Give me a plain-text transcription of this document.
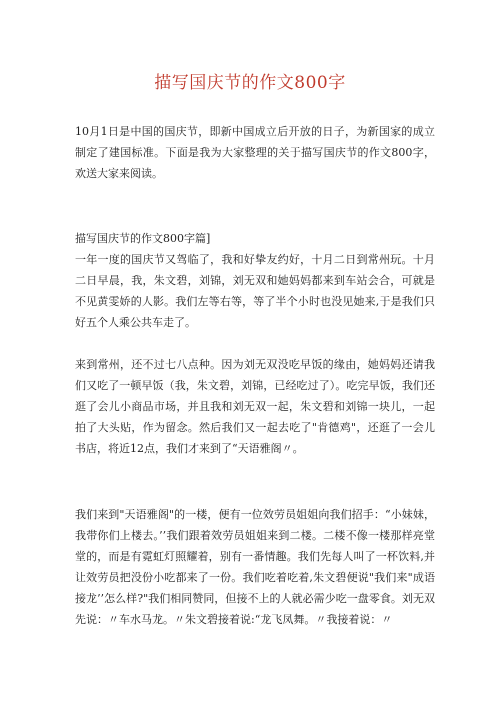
描写国庆节的作文800字

10月1日是中国的国庆节，即新中国成立后开放的日子，为新国家的成立制定了建国标准。下面是我为大家整理的关于描写国庆节的作文800字，欢送大家来阅读。

描写国庆节的作文800字篇]

一年一度的国庆节又驾临了，我和好挚友约好，十月二日到常州玩。十月二日早晨，我，朱文碧，刘锦，刘无双和她妈妈都来到车站会合，可就是不见黄雯娇的人影。我们左等右等，等了半个小时也没见她来,于是我们只好五个人乘公共车走了。

来到常州，还不过七八点种。因为刘无双没吃早饭的缘由，她妈妈还请我们又吃了一顿早饭（我，朱文碧，刘锦，已经吃过了）。吃完早饭，我们还逛了会儿小商品市场，并且我和刘无双一起，朱文碧和刘锦一块儿，一起拍了大头贴，作为留念。然后我们又一起去吃了"肯德鸡"，还逛了一会儿书店，将近12点，我们才来到了“天语雅阁〃。

我们来到"天语雅阁"的一楼，便有一位效劳员姐姐向我们招手：“小妹妹，我带你们上楼去。’’我们跟着效劳员姐姐来到二楼。二楼不像一楼那样亮堂堂的，而是有霓虹灯照耀着，别有一番情趣。我们先每人叫了一杯饮料,并让效劳员把没份小吃都来了一份。我们吃着吃着,朱文碧便说"我们来"成语接龙’’怎么样?"我们相同赞同，但接不上的人就必需少吃一盘零食。刘无双先说：〃车水马龙。〃朱文碧接着说:“龙飞凤舞。〃我接着说：〃
